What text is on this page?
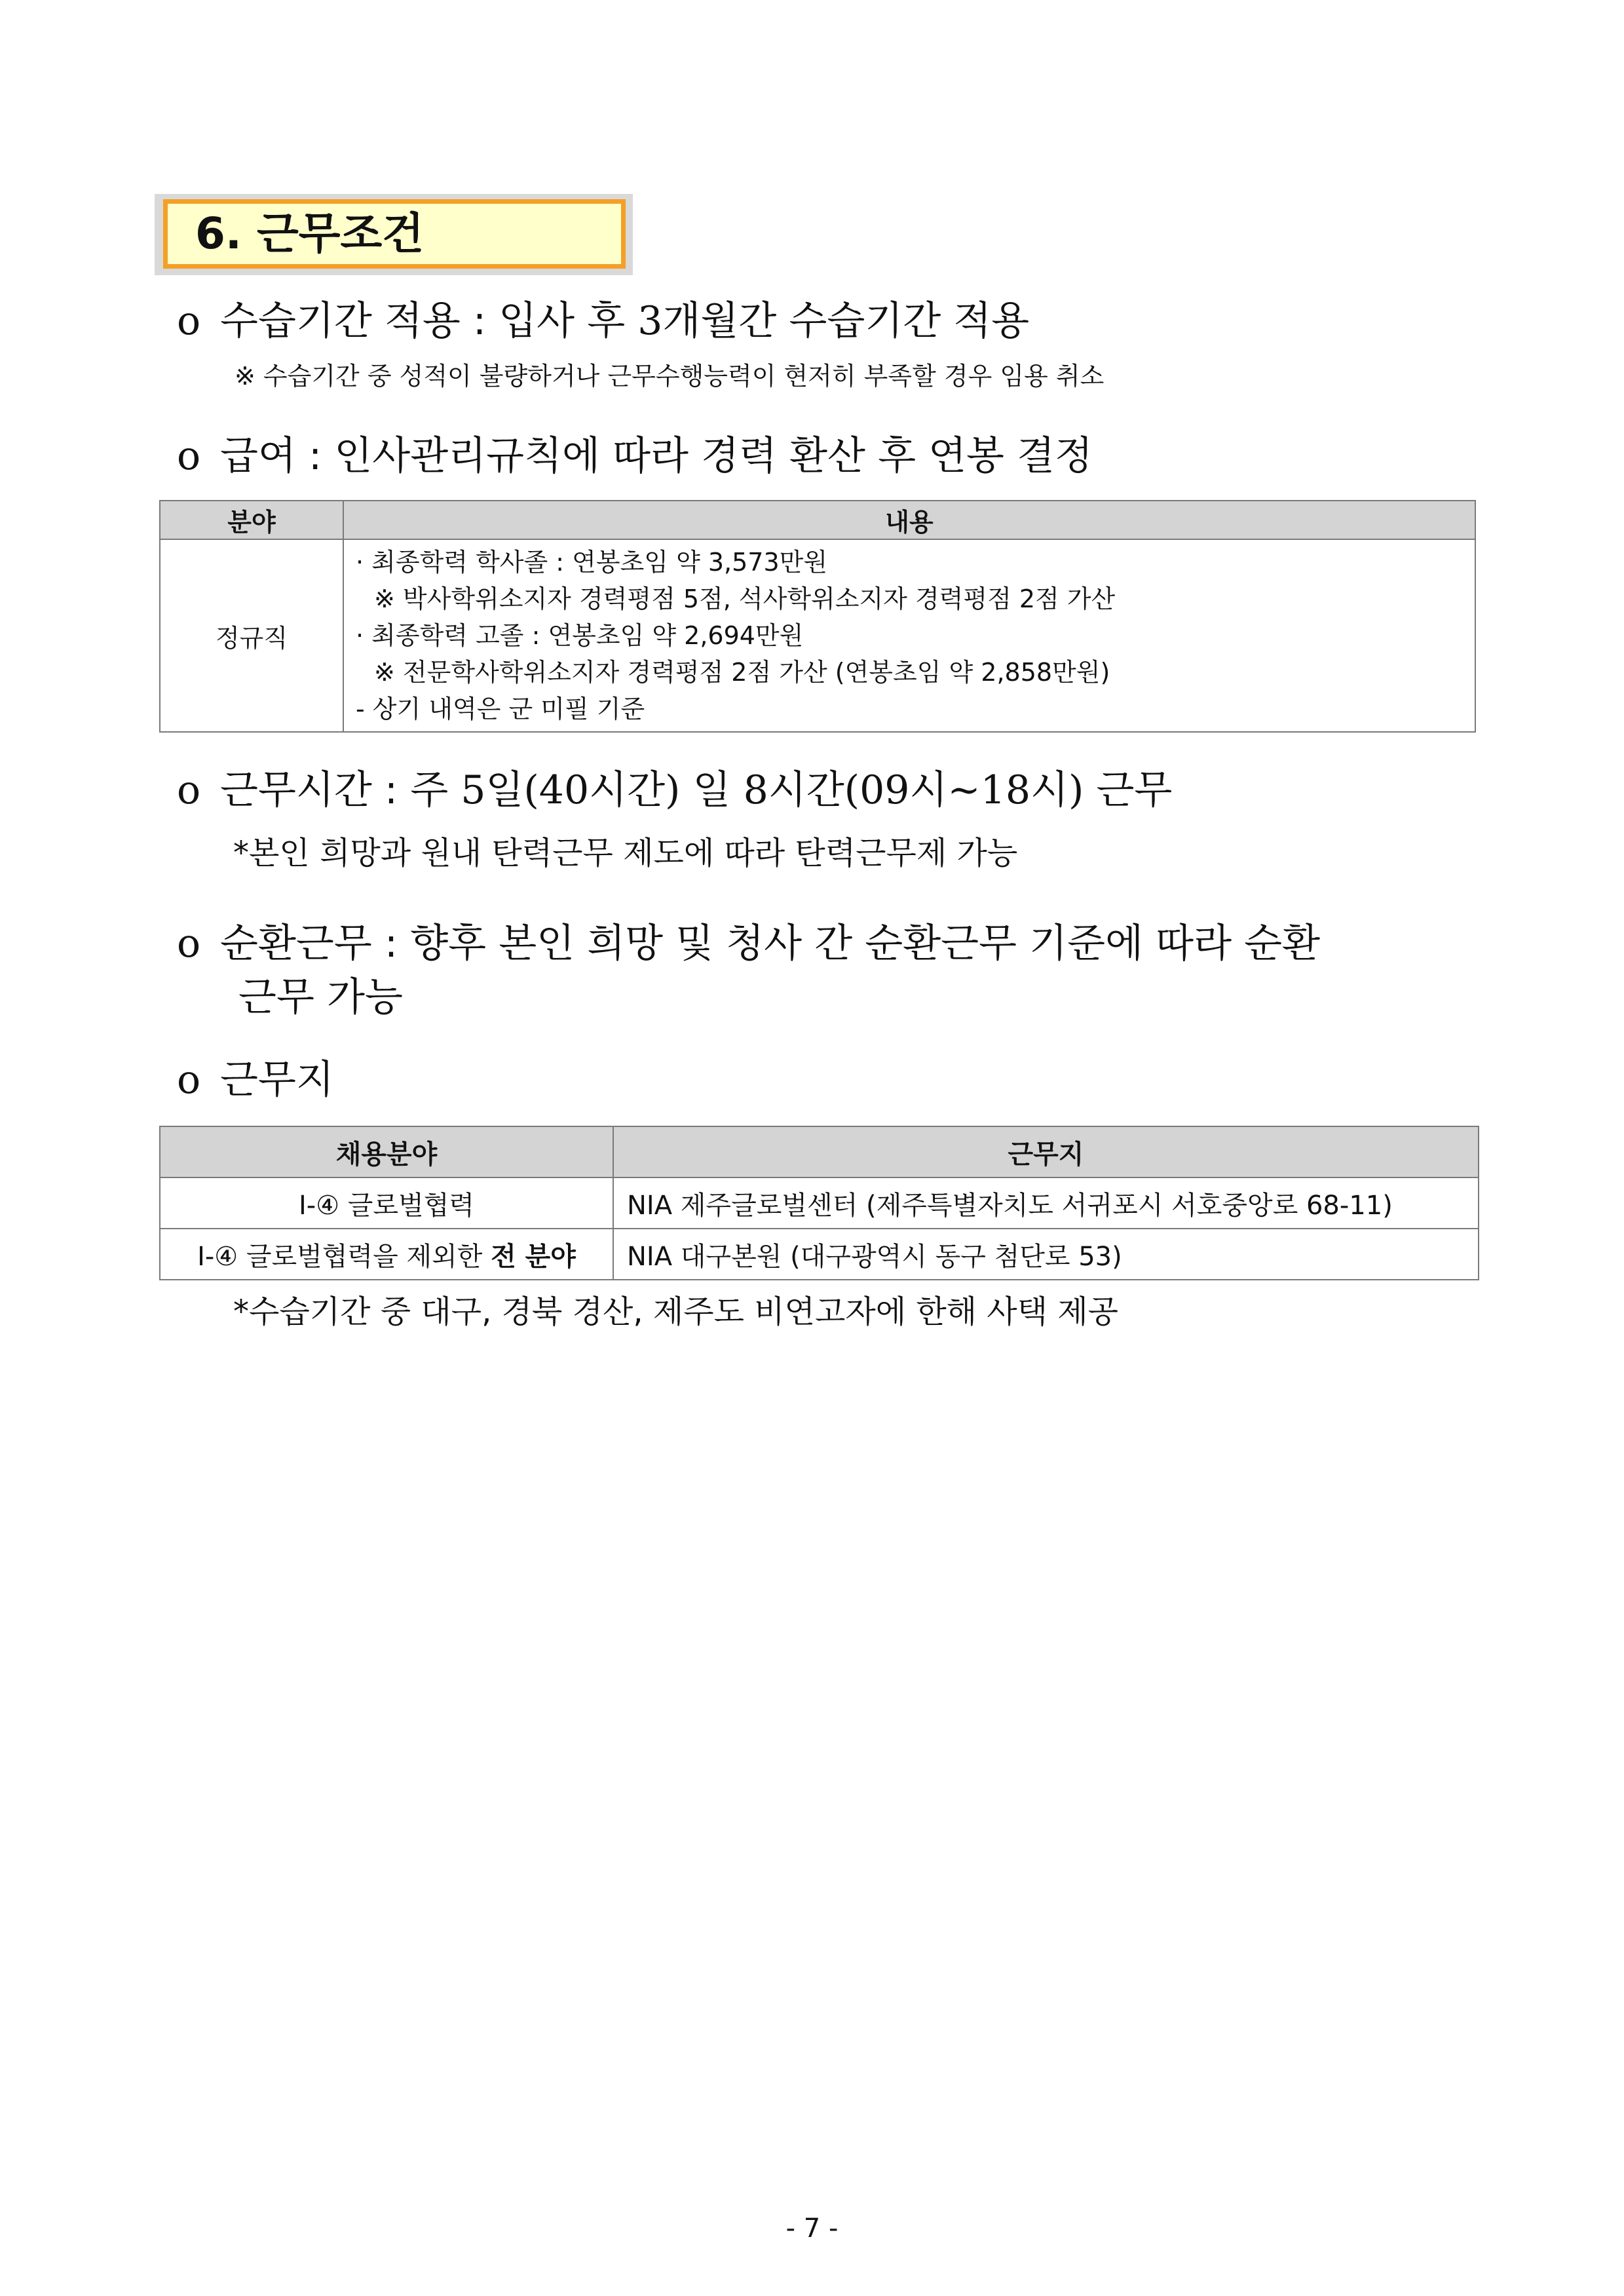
6. 근무조건
o 수습기간 적용 : 입사 후 3개월간 수습기간 적용
※ 수습기간 중 성적이 불량하거나 근무수행능력이 현저히 부족할 경우 임용 취소
o 급여 : 인사관리규칙에 따라 경력 환산 후 연봉 결정
분야	내용
정규직	· 최종학력 학사졸 : 연봉초임 약 3,573만원
※ 박사학위소지자 경력평점 5점, 석사학위소지자 경력평점 2점 가산
· 최종학력 고졸 : 연봉초임 약 2,694만원
※ 전문학사학위소지자 경력평점 2점 가산 (연봉초임 약 2,858만원)
- 상기 내역은 군 미필 기준
o 근무시간 : 주 5일(40시간) 일 8시간(09시~18시) 근무
*본인 희망과 원내 탄력근무 제도에 따라 탄력근무제 가능
o 순환근무 : 향후 본인 희망 및 청사 간 순환근무 기준에 따라 순환
근무 가능
o 근무지
채용분야	근무지
Ⅰ-④ 글로벌협력	NIA 제주글로벌센터 (제주특별자치도 서귀포시 서호중앙로 68-11)
Ⅰ-④ 글로벌협력을 제외한 전 분야	NIA 대구본원 (대구광역시 동구 첨단로 53)
*수습기간 중 대구, 경북 경산, 제주도 비연고자에 한해 사택 제공
- 7 -
